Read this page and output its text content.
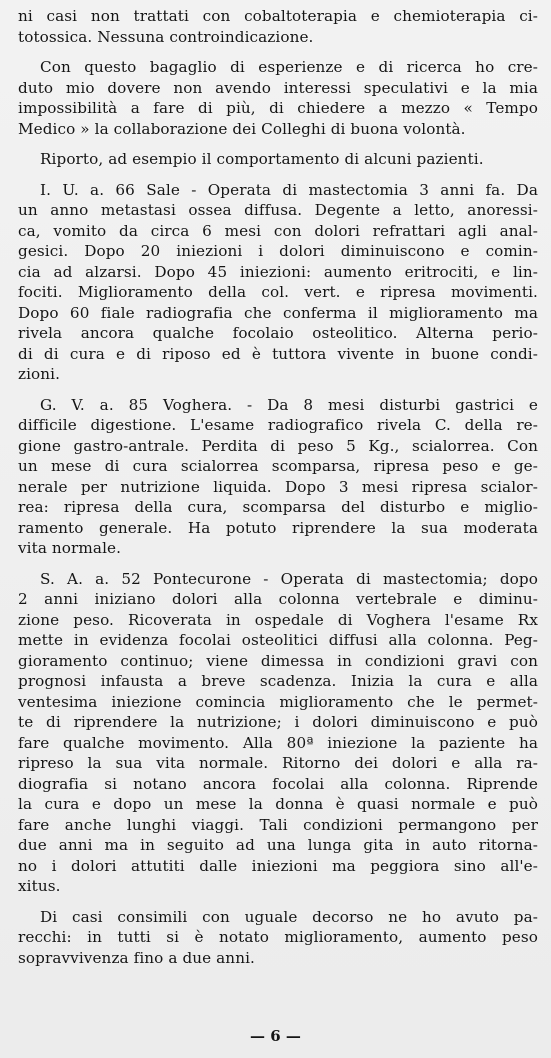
ni casi non trattati con cobaltoterapia e chemioterapia ci-
totossica. Nessuna controindicazione.
Con questo bagaglio di esperienze e di ricerca ho cre-
duto mio dovere non avendo interessi speculativi e la mia
impossibilità a fare di più, di chiedere a mezzo « Tempo
Medico » la collaborazione dei Colleghi di buona volontà.
Riporto, ad esempio il comportamento di alcuni pazienti.
I. U. a. 66 Sale - Operata di mastectomia 3 anni fa. Da
un anno metastasi ossea diffusa. Degente a letto, anoressi-
ca, vomito da circa 6 mesi con dolori refrattari agli anal-
gesici. Dopo 20 iniezioni i dolori diminuiscono e comin-
cia ad alzarsi. Dopo 45 iniezioni: aumento eritrociti, e lin-
fociti. Miglioramento della col. vert. e ripresa movimenti.
Dopo 60 fiale radiografia che conferma il miglioramento ma
rivela ancora qualche focolaio osteolitico. Alterna perio-
di di cura e di riposo ed è tuttora vivente in buone condi-
zioni.
G. V. a. 85 Voghera. - Da 8 mesi disturbi gastrici e
difficile digestione. L'esame radiografico rivela C. della re-
gione gastro-antrale. Perdita di peso 5 Kg., scialorrea. Con
un mese di cura scialorrea scomparsa, ripresa peso e ge-
nerale per nutrizione liquida. Dopo 3 mesi ripresa scialor-
rea: ripresa della cura, scomparsa del disturbo e miglio-
ramento generale. Ha potuto riprendere la sua moderata
vita normale.
S. A. a. 52 Pontecurone - Operata di mastectomia; dopo
2 anni iniziano dolori alla colonna vertebrale e diminu-
zione peso. Ricoverata in ospedale di Voghera l'esame Rx
mette in evidenza focolai osteolitici diffusi alla colonna. Peg-
gioramento continuo; viene dimessa in condizioni gravi con
prognosi infausta a breve scadenza. Inizia la cura e alla
ventesima iniezione comincia miglioramento che le permet-
te di riprendere la nutrizione; i dolori diminuiscono e può
fare qualche movimento. Alla 80ª iniezione la paziente ha
ripreso la sua vita normale. Ritorno dei dolori e alla ra-
diografia si notano ancora focolai alla colonna. Riprende
la cura e dopo un mese la donna è quasi normale e può
fare anche lunghi viaggi. Tali condizioni permangono per
due anni ma in seguito ad una lunga gita in auto ritorna-
no i dolori attutiti dalle iniezioni ma peggiora sino all'e-
xitus.
Di casi consimili con uguale decorso ne ho avuto pa-
recchi: in tutti si è notato miglioramento, aumento peso
sopravvivenza fino a due anni.
— 6 —
